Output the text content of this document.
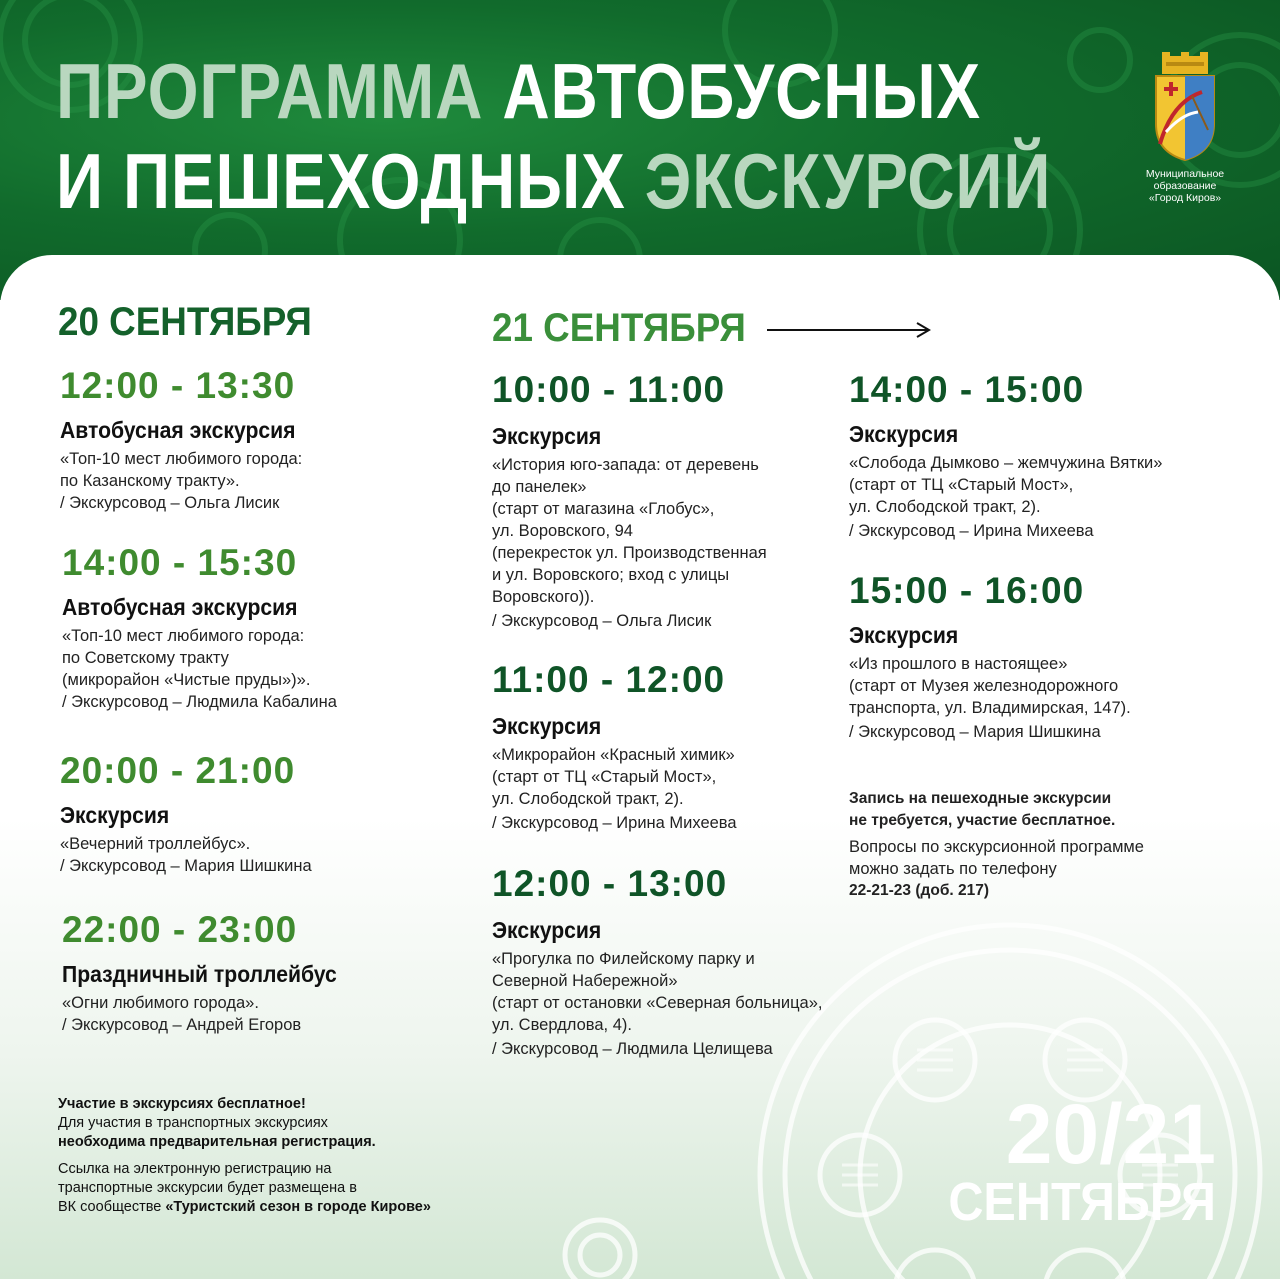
ПРОГРАММА АВТОБУСНЫХ
И ПЕШЕХОДНЫХ ЭКСКУРСИЙ	Муниципальное
образование
«Город Киров»
20 СЕНТЯБРЯ
12:00 - 13:30
Автобусная экскурсия
«Топ-10 мест любимого города:
по Казанскому тракту».
/ Экскурсовод – Ольга Лисик
14:00 - 15:30
Автобусная экскурсия
«Топ-10 мест любимого города:
по Советскому тракту
(микрорайон «Чистые пруды»)».
/ Экскурсовод – Людмила Кабалина
20:00 - 21:00
Экскурсия
«Вечерний троллейбус».
/ Экскурсовод – Мария Шишкина
22:00 - 23:00
Праздничный троллейбус
«Огни любимого города».
/ Экскурсовод – Андрей Егоров
Участие в экскурсиях бесплатное!
Для участия в транспортных экскурсиях
необходима предварительная регистрация.
Ссылка на электронную регистрацию на
транспортные экскурсии будет размещена в
ВК сообществе «Туристский сезон в городе Кирове»
21 СЕНТЯБРЯ
10:00 - 11:00
Экскурсия
«История юго-запада: от деревень
до панелек»
(старт от магазина «Глобус»,
ул. Воровского, 94
(перекресток ул. Производственная
и ул. Воровского; вход с улицы
Воровского)).
/ Экскурсовод – Ольга Лисик
11:00 - 12:00
Экскурсия
«Микрорайон «Красный химик»
(старт от ТЦ «Старый Мост»,
ул. Слободской тракт, 2).
/ Экскурсовод – Ирина Михеева
12:00 - 13:00
Экскурсия
«Прогулка по Филейскому парку и
Северной Набережной»
(старт от остановки «Северная больница»,
ул. Свердлова, 4).
/ Экскурсовод – Людмила Целищева
14:00 - 15:00
Экскурсия
«Слобода Дымково – жемчужина Вятки»
(старт от ТЦ «Старый Мост»,
ул. Слободской тракт, 2).
/ Экскурсовод – Ирина Михеева
15:00 - 16:00
Экскурсия
«Из прошлого в настоящее»
(старт от Музея железнодорожного
транспорта, ул. Владимирская, 147).
/ Экскурсовод – Мария Шишкина
Запись на пешеходные экскурсии
не требуется, участие бесплатное.
Вопросы по экскурсионной программе
можно задать по телефону
22-21-23 (доб. 217)
20/21
СЕНТЯБРЯ
